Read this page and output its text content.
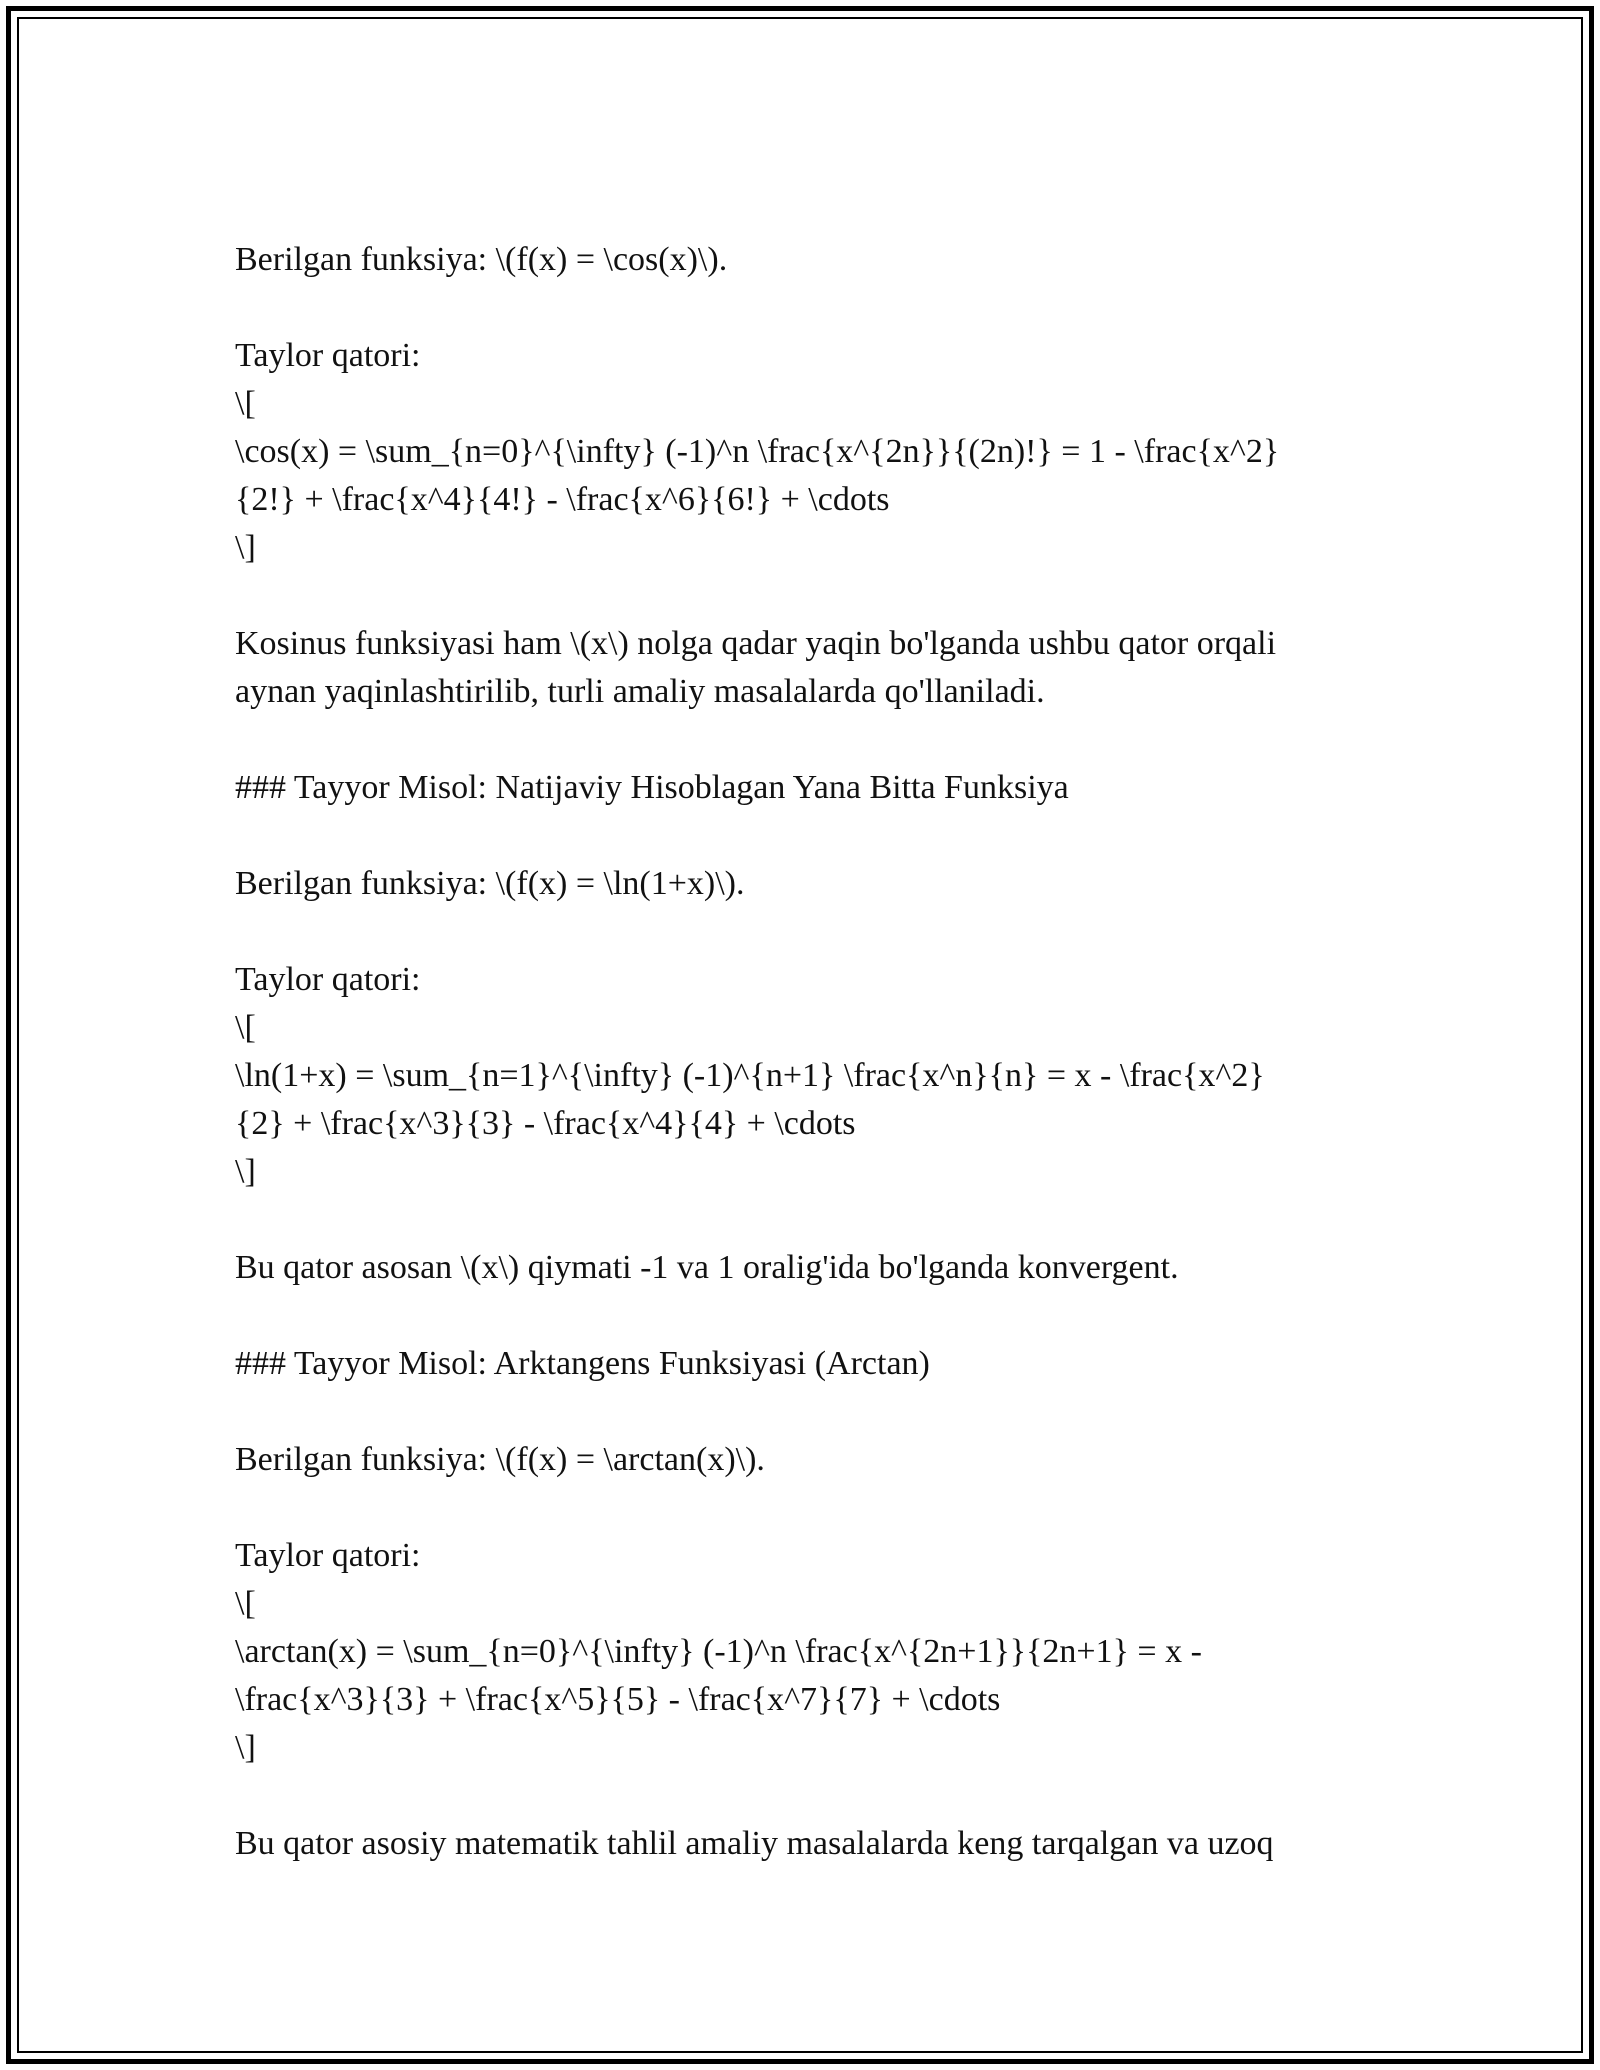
Berilgan funksiya: \(f(x) = \cos(x)\).
Taylor qatori:
\[
\cos(x) = \sum_{n=0}^{\infty} (-1)^n \frac{x^{2n}}{(2n)!} = 1 - \frac{x^2}
{2!} + \frac{x^4}{4!} - \frac{x^6}{6!} + \cdots
\]
Kosinus funksiyasi ham \(x\) nolga qadar yaqin bo'lganda ushbu qator orqali
aynan yaqinlashtirilib, turli amaliy masalalarda qo'llaniladi.
### Tayyor Misol: Natijaviy Hisoblagan Yana Bitta Funksiya
Berilgan funksiya: \(f(x) = \ln(1+x)\).
Taylor qatori:
\[
\ln(1+x) = \sum_{n=1}^{\infty} (-1)^{n+1} \frac{x^n}{n} = x - \frac{x^2}
{2} + \frac{x^3}{3} - \frac{x^4}{4} + \cdots
\]
Bu qator asosan \(x\) qiymati -1 va 1 oralig'ida bo'lganda konvergent.
### Tayyor Misol: Arktangens Funksiyasi (Arctan)
Berilgan funksiya: \(f(x) = \arctan(x)\).
Taylor qatori:
\[
\arctan(x) = \sum_{n=0}^{\infty} (-1)^n \frac{x^{2n+1}}{2n+1} = x -
\frac{x^3}{3} + \frac{x^5}{5} - \frac{x^7}{7} + \cdots
\]
Bu qator asosiy matematik tahlil amaliy masalalarda keng tarqalgan va uzoq
